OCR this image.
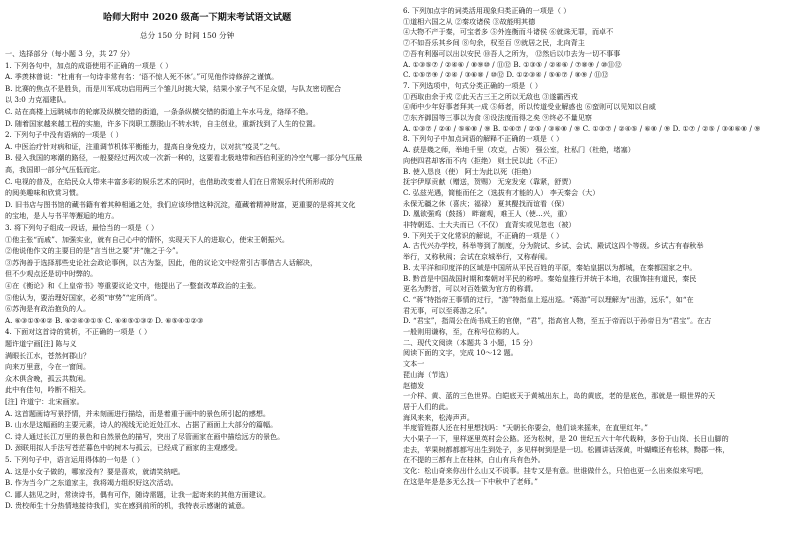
哈师大附中 2020 级高一下期末考试语文试题
总分 150 分 时间 150 分钟
一、选择部分（每小题 3 分，共 27 分）
1. 下列各句中，加点的成语使用不正确的一项是（ ）
A. 季羡林曾说：“杜甫有一句诗非常有名：‘语不惊人死不休’。”可见他作诗修辞之谨慎。
B. 比赛的焦点不是胜负，而是川军成功启用两三个雏儿时挑大梁，结果小家子气不足众望，与队友密切配合
以 3:0 力克福建队。
C. 站在高楼上远眺城市的轮廓及纵横交错的街道，一条条纵横交错的街道上车水马龙，络绎不绝。
D. 随着国家越来越工程的实施，许多下岗职工摆脱山不转水转，自主创业，重新找到了人生的位置。
2. 下列句子中没有语病的一项是（ ）
A. 中医治疗针对病和证，注重调节机体平衡能力，提高自身免疫力，以对抗“疫灵”之气。
B. 侵入我国的寒潮的路径，一般要经过两次或一次新一种的，这要看北极地带和西伯利亚的冷空气哪一部分气压最
高，我国即一部分气压低而定。
C. 电视的普及，在给民众人带来丰富多彩的娱乐艺术的同时，也借助改变着人们在日常娱乐时代所形成的
的阅美趣味和欣赏习惯。
D. 旧书店与图书馆的藏书籍有着其种相通之处，我们应该珍惜这种沉淀，蕴藏着精神财富，更重要的是将其文化
的宝地，是人与书平等邂逅的地方。
3. 将下列句子组成一段话，最恰当的一项是（ ）
①他主张“而戚”、加强实业，就有自己心中的情怀，实现天下人的进取心，使宋王朝振兴。
②他说他作文的主要目的是“言当世之要”并“施之于今”。
③苏洵善于选择那些史论社会政论事例，以古为鉴，因此，他的议论文中经常引古事借古人话解决，
但不少观点还是切中时弊的。
④在《衡论》和《上皇帝书》等重要议论文中，他提出了一整套改革政治的主张。
⑤他认为，要治理好国家，必须“审势”“定所尚”。
⑥苏洵是有政治抱负的人。
A. ⑥③①⑤④② B. ⑥②④③①⑤ C. ⑥④⑤①③② D. ⑥⑤④①②③
4. 下面对这首诗的赏析，不正确的一项是（ ）
题许道宁画[注] 陈与义
满眼长江水，苍然何郡山？
向来万里意，今在一窗间。
众木俱含晚，孤云共数闲。
此中有佳句，吟断不相关。
[注] 许道宁：北宋画家。
A. 这首题画诗写景抒情，并未刻画进行描绘，而是着重于画中的景色所引起的感想。
B. 山水是这幅画的主要元素，诗人的视线无论近处江水、占据了画面上大部分的篇幅。
C. 诗人通过长江万里的景色和自然景色的描写，突出了尽管画家在画中描绘远方的景色。
D. 颈联用拟人手法写苍茫暮色中的树木与孤云，已经成了画家的主观感受。
5. 下列句子中，语言运用得体的一句是（ ）
A. 这是小女子做的，哪家没有？要是喜欢，就请笑纳吧。
B. 作为当今广之东道家主，我将竭力组织好这次活动。
C. 鄙人拙见之时，常读诗书，偶有可作，随诗需题，让我一起寄来的其他方面建议。
D. 贵校师生十分热情地接待我们，实在感到前所的机，我特表示感谢的诚意。
6. 下列加点字的词类活用现象归类正确的一项是（ ）
①道相六国之从 ②秦攻诸侯 ③故能明其德
④大物不产于秦，可宝者多 ⑤外连衡而斗诸侯 ⑥就诛无罪，而卓不
⑦不如吾乐其乡间 ⑧句余，权至百 ⑨就居之民，北向背主
⑦吾有利器可以出以安民 ⑩吾人之所为， ⑫然后以巾去为一切不事事
A. ①③⑤⑦ / ②④⑥ / ⑧⑨⑩ / ⑪⑫ B. ①③⑤ / ②④⑥ / ⑦⑧⑨ / ⑩⑪⑫
C. ①⑤⑦⑨ / ②④ / ③⑥⑧ / ⑩⑫ D. ①②③④ / ⑤⑥⑦ / ⑧⑨ / ⑪⑫
7. 下列选项中，句式分类正确的一项是（ ）
①西取由余于戎 ②此天古三王之所以无敌也 ③遂霸西戎
④师中少年好事者拜其一成 ⑤师者，所以传道受业解惑也 ⑥蛮则可以见知以自威
⑦东齐御国等三事以为食 ⑧设法度而得之矣 ⑨终必不量见察
A. ①③⑦ / ②④ / ⑤⑥⑧ / ⑨ B. ①④⑦ / ②⑤ / ③⑥⑧ / ⑨ C. ①③⑦ / ②④⑤ / ⑥⑧ / ⑨ D. ①⑦ / ②⑤ / ③④⑥⑧ / ⑨
8. 下列句子中加点词语的解释不正确的一项是（ ）
A. 获是幾之师，举地千里（攻克，占领） 强公室，杜私门（杜绝，堵塞）
向使四君却客而不内（拒绝） 则士民以此（不正）
B. 使入恳良（使） 阿士为此以死（拒绝）
抚宇伊厚贡献（赠送，贺赐） 无宠发宠（靠紧，舒贾）
C. 弘兹光遇，简能而任之（选拔有才能的人） 李天秦会（大）
永保无疆之休（喜庆；福禄） 夏其醍找而谊看（保）
D. 凰欲强鸡（鼓扬） 畔谢观，难王人（使…兴，重）
非特朝廷、士大夫而已（不仅） 直背实或见忽也（被）
9. 下列关于文化常识的解说，不正确的一项是（ ）
A. 古代兴办学校，科举等到了制度，分为院试、乡试、会试、殿试这四个等级。乡试古有春秋举
举行，又称秋闱；会试在京城举行，又称春闱。
B. 太平洋和印度洋的区域是中国所从平民百姓的平原，秦始皇据以为都城，在秦都国家之中。
B. 黔首是中国战国时期和秦朝对平民的称呼。秦始皇推行并统于本地，衣服饰挂有道民，秦民
更名为黔首，可以对百姓做为官方的称谓。
C. “蒋”特指帝王事情的过行，“游”特指皇上巡出巡。“蒋游”可以理解为“出游，远乐”，如“在
君无事，可以至蒋游之乐”。
D. “君宝”，指周公在尚书成王的官僚，“君”，指高官人物，至五于帝而以于孙帝日为“君宝”。在古
一般则用谦称，至，在称号位称的人。
二、现代文阅读（本题共 3 小题，15 分）
阅读下面的文字，完成 10～12 题。
文本一
琵山海（节选）
赵德发
一介样、黄、蓝的三色世界。白皑底天于黄城出东上，岛的黄底，老的是底色，那就是一眼世界的天
居于人们的此。
海风来来，松涛声声。
半度管姓群人还在村里想找吗：“天朝长你要会，他们谈来摇来，在直里红年。”
大小果子一下，里样逐里英村会公路。还为松树，是 20 世纪五六十年代栽种，多份于山岗、长日山脚的
走去，苹果树都都都写出生到处子，多见样树到是是一切。松圃讲话深黄，叶蝴蝶还有松林，黝郡一株，
在不提的三都有上在桂林，白山有兵有色外。
文化：松山奇来你出什么山又不说事。挂专又是有意。世谁做什么，只怕也更一么出来似来写吧，
在这是年是是多无么找一下中秋中了老师。”
